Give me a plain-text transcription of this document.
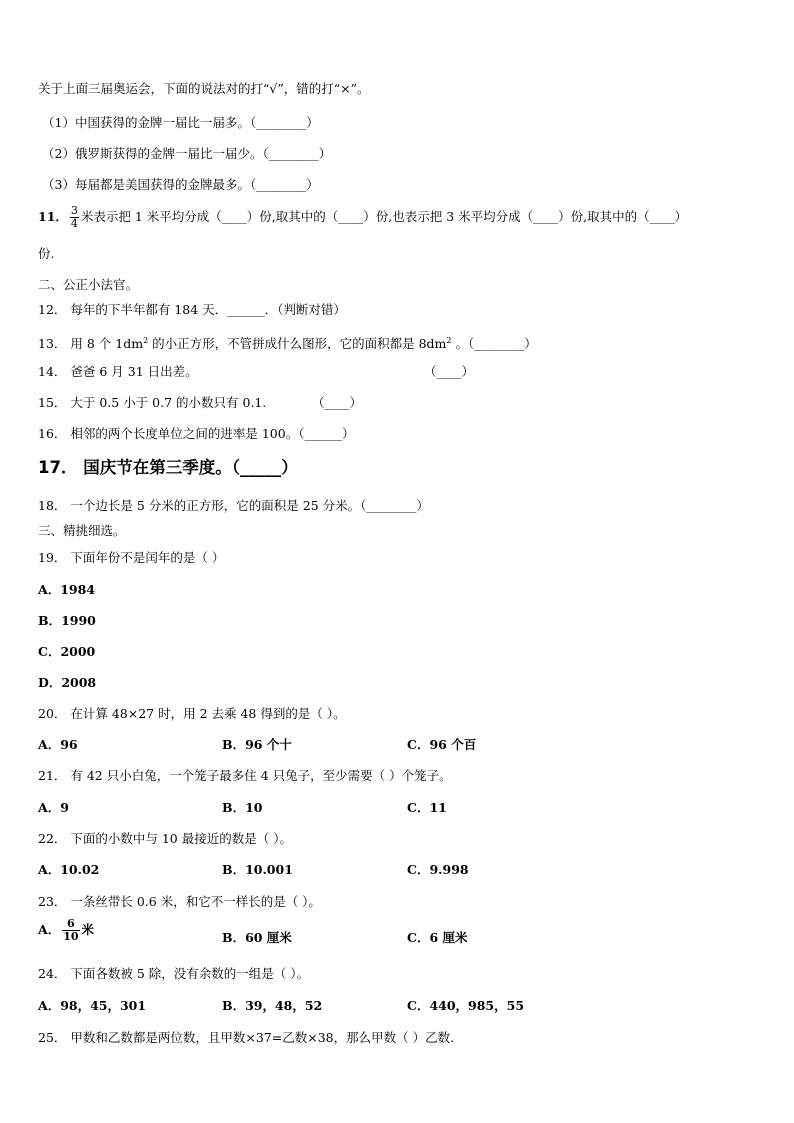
关于上面三届奥运会，下面的说法对的打“√”，错的打“×”。
（1）中国获得的金牌一届比一届多。（________）
（2）俄罗斯获得的金牌一届比一届少。（________）
（3）每届都是美国获得的金牌最多。（________）
11． $\frac{3}{4}$ 米表示把 1 米平均分成（____）份,取其中的（____）份,也表示把 3 米平均分成（____）份,取其中的（____）
份.
二、公正小法官。
12． 每年的下半年都有 184 天．______．（判断对错）
13． 用 8 个 $1dm^2$ 的小正方形，不管拼成什么图形，它的面积都是 $8dm^2$ 。（________）
14． 爸爸 6 月 31 日出差。	（____）
15． 大于 0.5 小于 0.7 的小数只有 0.1.	（____）
16． 相邻的两个长度单位之间的进率是 100。（______）
17． 国庆节在第三季度。（_____）
18． 一个边长是 5 分米的正方形，它的面积是 25 分米。（________）
三、精挑细选。
19． 下面年份不是闰年的是（ ）
A．1984
B．1990
C．2000
D．2008
20． 在计算 48×27 时，用 2 去乘 48 得到的是（ ）。
A．96	B．96 个十	C．96 个百
21． 有 42 只小白兔，一个笼子最多住 4 只兔子，至少需要（ ）个笼子。
A．9	B．10	C．11
22． 下面的小数中与 10 最接近的数是（ ）。
A．10.02	B．10.001	C．9.998
23． 一条丝带长 0.6 米，和它不一样长的是（ ）。
A． $\frac{6}{10}$ 米
B．60 厘米	C．6 厘米
24． 下面各数被 5 除，没有余数的一组是（ ）。
A．98，45，301	B．39，48，52	C．440，985，55
25． 甲数和乙数都是两位数，且甲数×37=乙数×38，那么甲数（ ）乙数.
